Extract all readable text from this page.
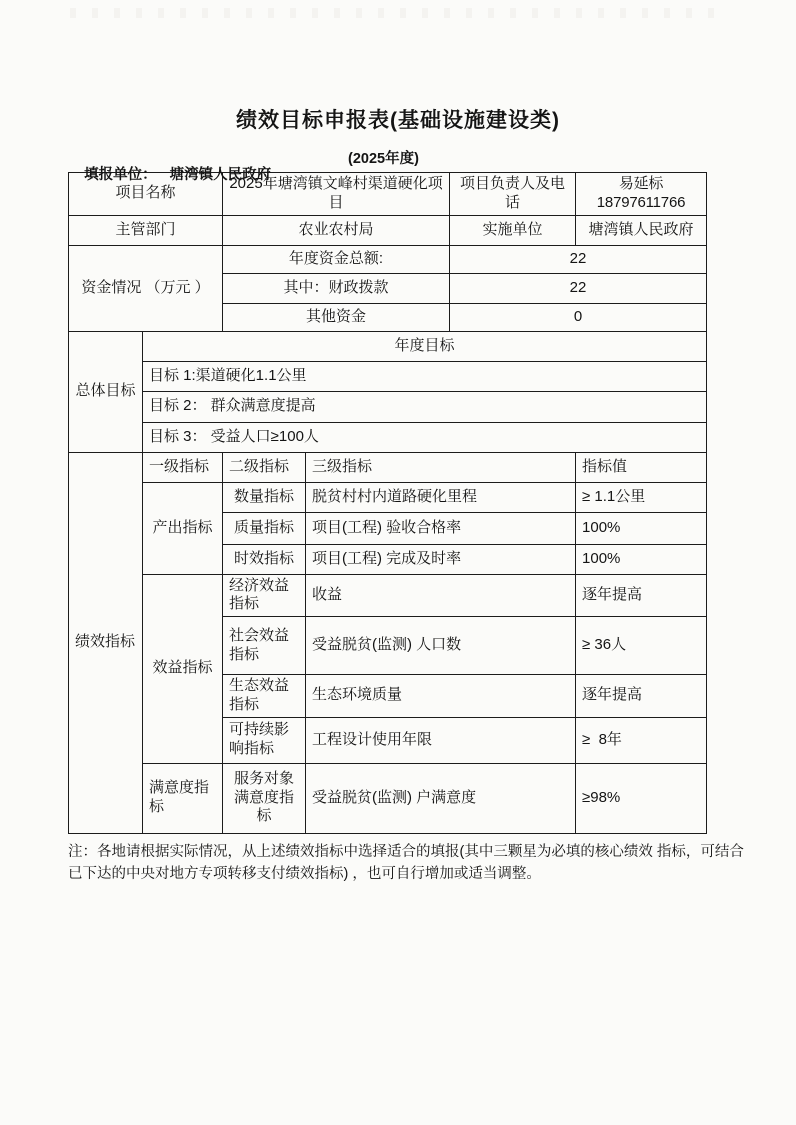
绩效目标申报表(基础设施建设类)

填报单位： 塘湾镇人民政府

(2025年度)

项目名称		2025年塘湾镇文峰村渠道硬化项目		项目负责人及电话	易延标18797611766
主管部门		农业农村局		实施单位	塘湾镇人民政府
资金情况 （万元 ）		年度资金总额:		22	
		其中：财政拨款		22	
		其他资金		0	
总体目标	年度目标				
	目标 1:渠道硬化1.1公里				
	目标 2： 群众满意度提高				
	目标 3： 受益人口≥100人				
绩效指标	一级指标	二级指标	三级指标		指标值
	产出指标	数量指标	脱贫村村内道路硬化里程		≥ 1.1公里
		质量指标	项目(工程) 验收合格率		100%
		时效指标	项目(工程) 完成及时率		100%
	效益指标	经济效益指标	收益		逐年提高
		社会效益指标	受益脱贫(监测) 人口数		≥ 36人
		生态效益指标	生态环境质量		逐年提高
		可持续影响指标	工程设计使用年限		≥  8年
	满意度指标	服务对象满意度指标	受益脱贫(监测) 户满意度		≥98%
注：各地请根据实际情况，从上述绩效指标中选择适合的填报(其中三颗星为必填的核心绩效 指标，可结合
已下达的中央对地方专项转移支付绩效指标) ，也可自行增加或适当调整。
